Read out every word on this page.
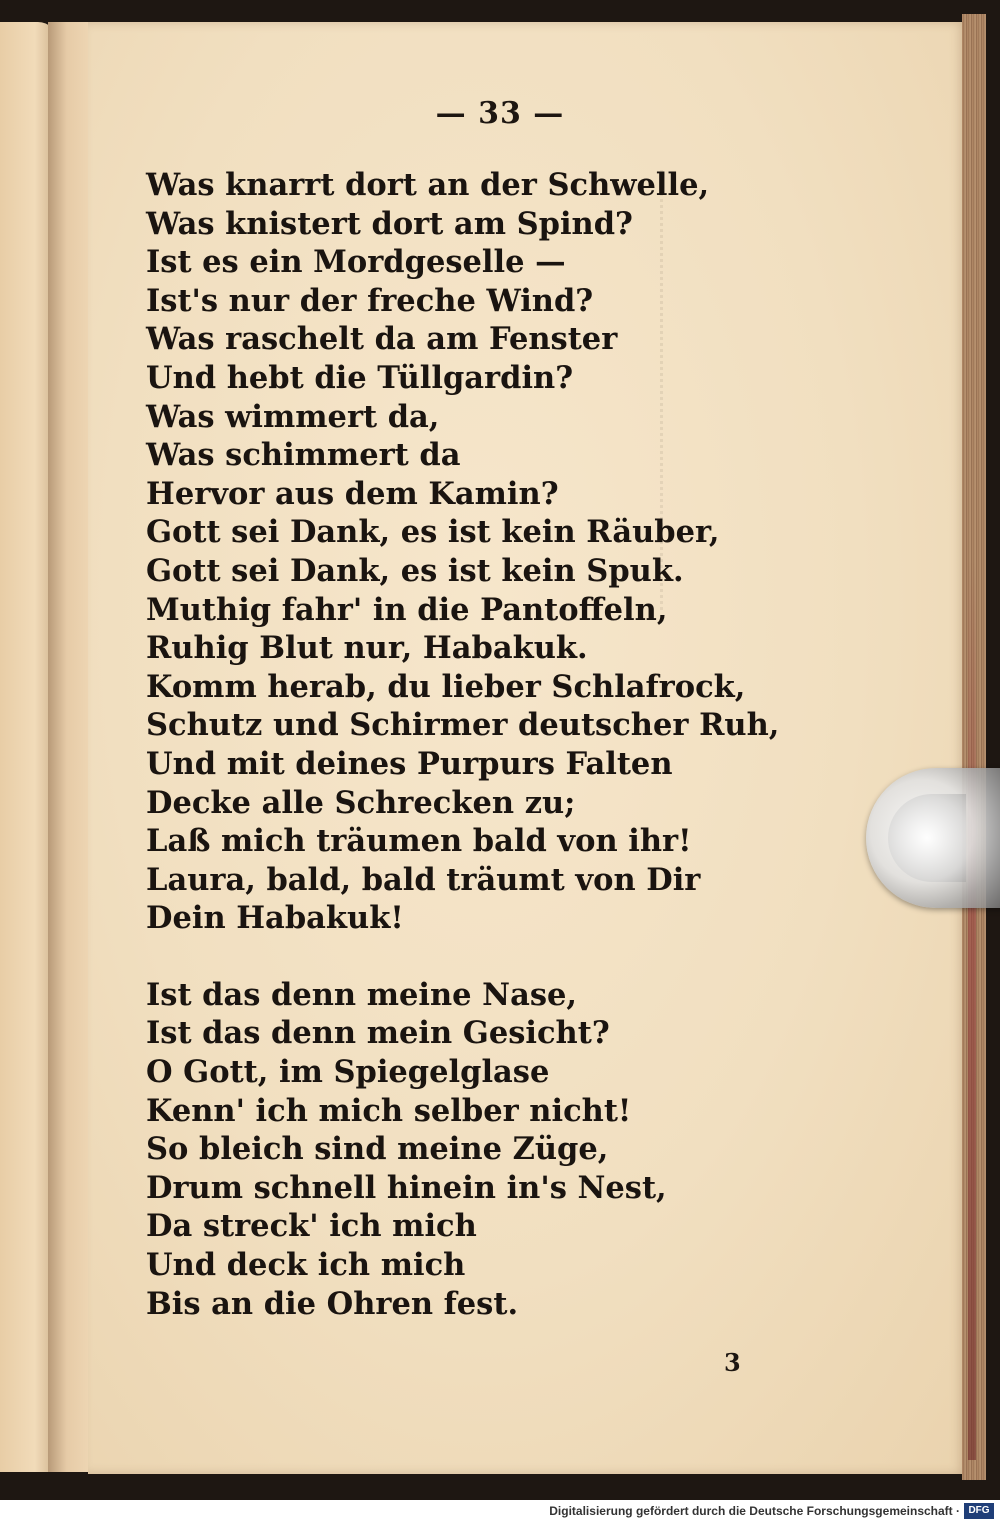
— 33 —
Was knarrt dort an der Schwelle,
Was knistert dort am Spind?
Ist es ein Mordgeselle —
Ist's nur der freche Wind?
Was raschelt da am Fenster
Und hebt die Tüllgardin?
Was wimmert da,
Was schimmert da
Hervor aus dem Kamin?
Gott sei Dank, es ist kein Räuber,
Gott sei Dank, es ist kein Spuk.
Muthig fahr' in die Pantoffeln,
Ruhig Blut nur, Habakuk.
Komm herab, du lieber Schlafrock,
Schutz und Schirmer deutscher Ruh,
Und mit deines Purpurs Falten
Decke alle Schrecken zu;
Laß mich träumen bald von ihr!
Laura, bald, bald träumt von Dir
Dein Habakuk!
Ist das denn meine Nase,
Ist das denn mein Gesicht?
O Gott, im Spiegelglase
Kenn' ich mich selber nicht!
So bleich sind meine Züge,
Drum schnell hinein in's Nest,
Da streck' ich mich
Und deck ich mich
Bis an die Ohren fest.
3
Digitalisierung gefördert durch die Deutsche Forschungsgemeinschaft · DFG
